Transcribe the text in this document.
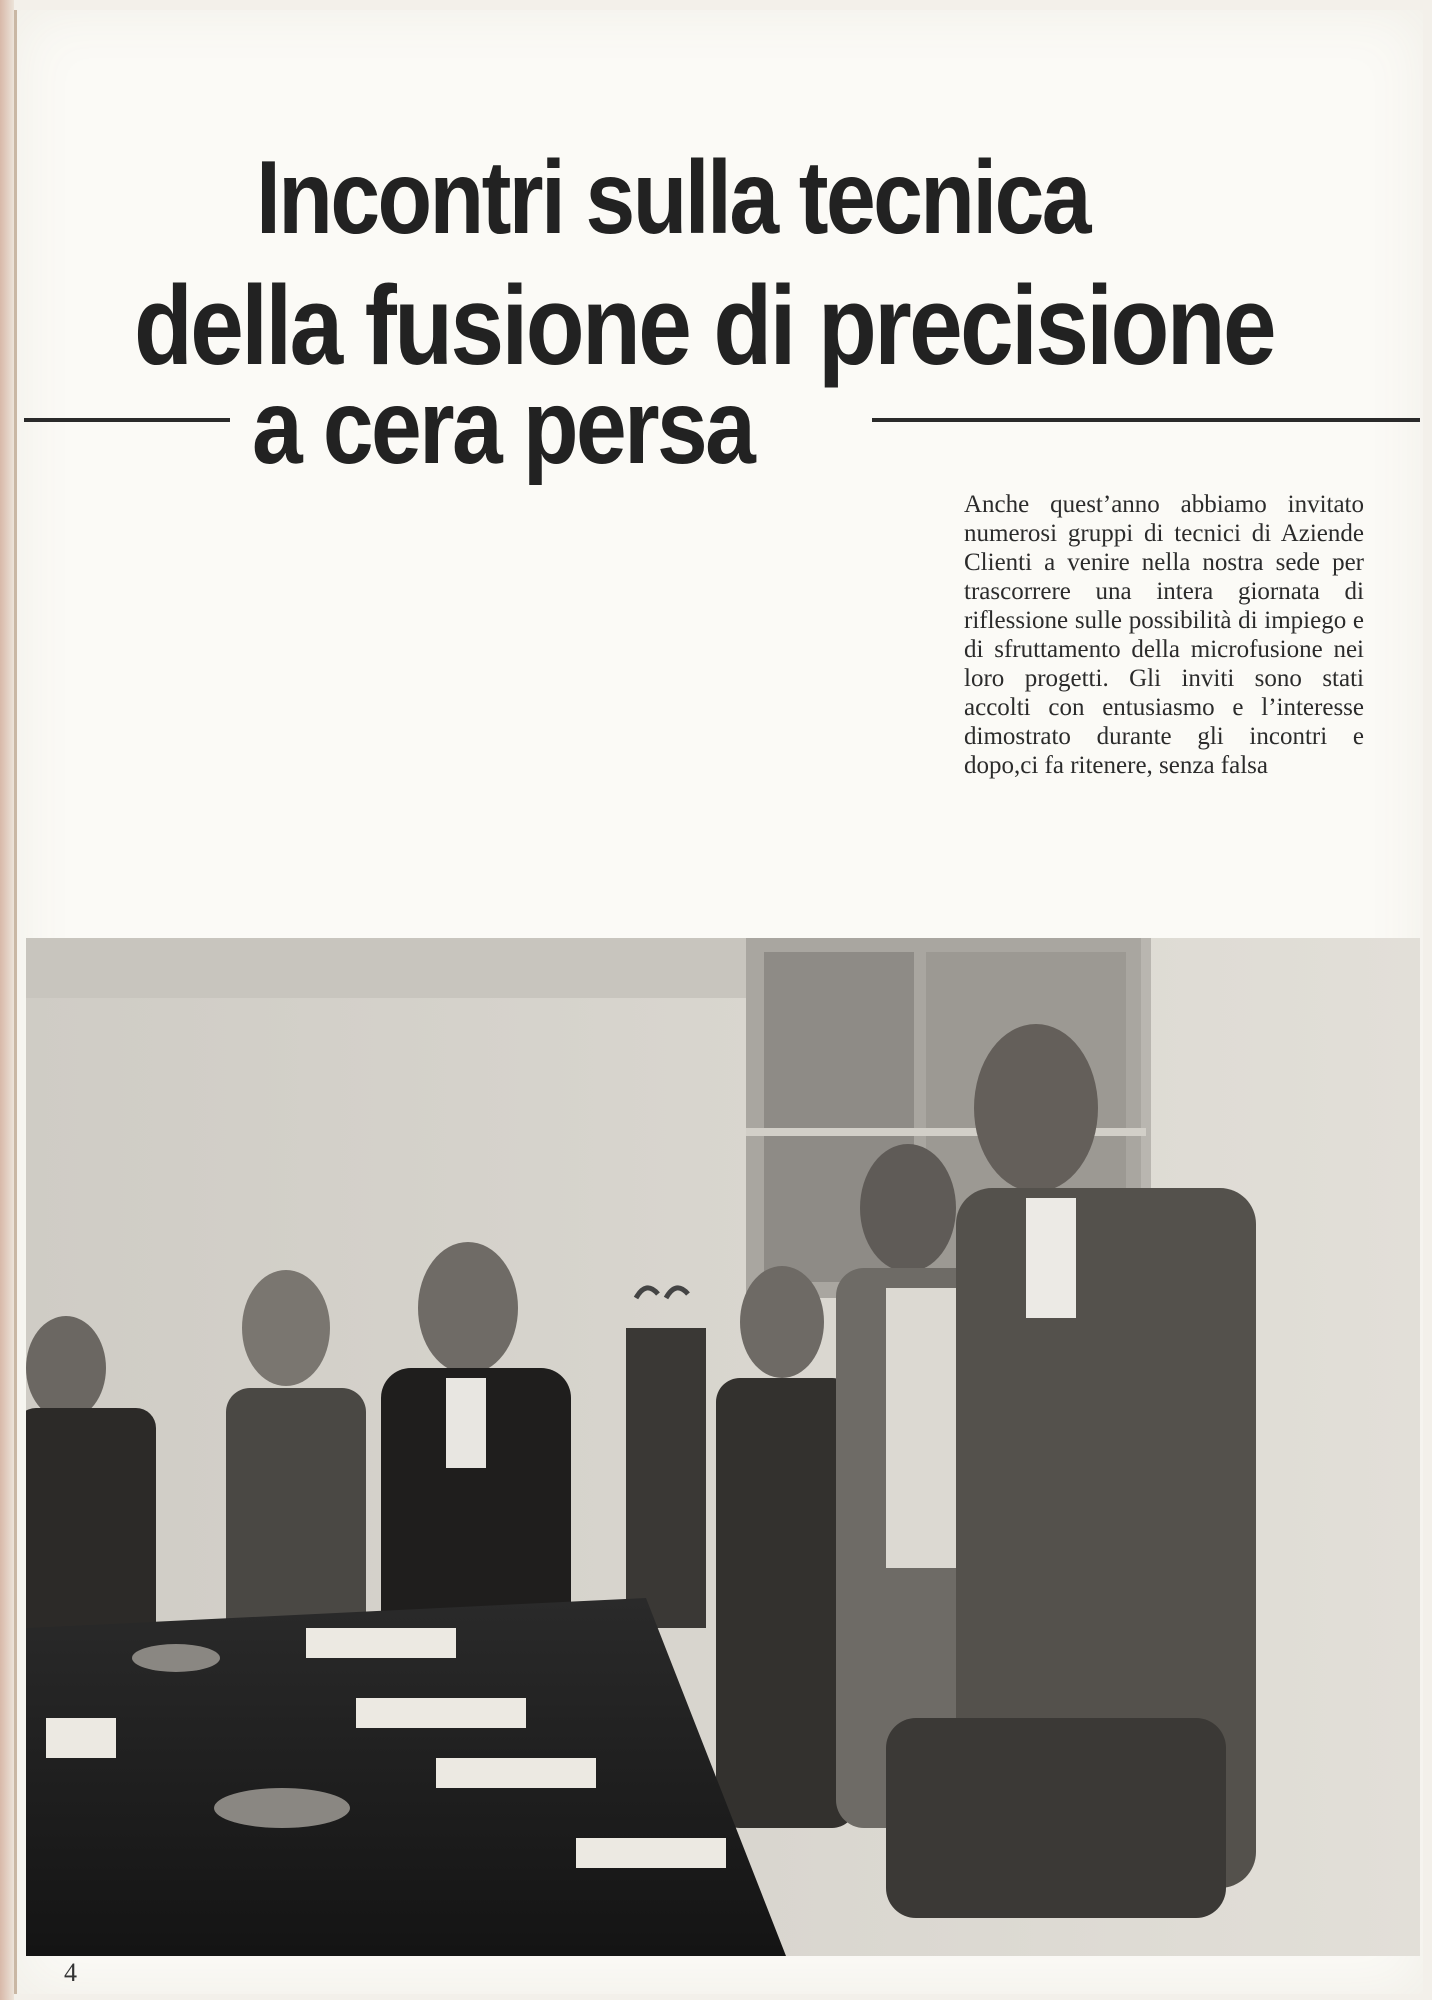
Incontri sulla tecnica
della fusione di precisione
a cera persa

Anche quest’anno abbiamo invitato numerosi gruppi di tecnici di Aziende Clienti a venire nella nostra sede per trascorrere una intera giornata di riflessione sulle possibilità di impiego e di sfruttamento della microfusione nei loro progetti. Gli inviti sono stati accolti con entusiasmo e l’interesse dimostrato durante gli incontri e dopo,ci fa ritenere, senza falsa

4
